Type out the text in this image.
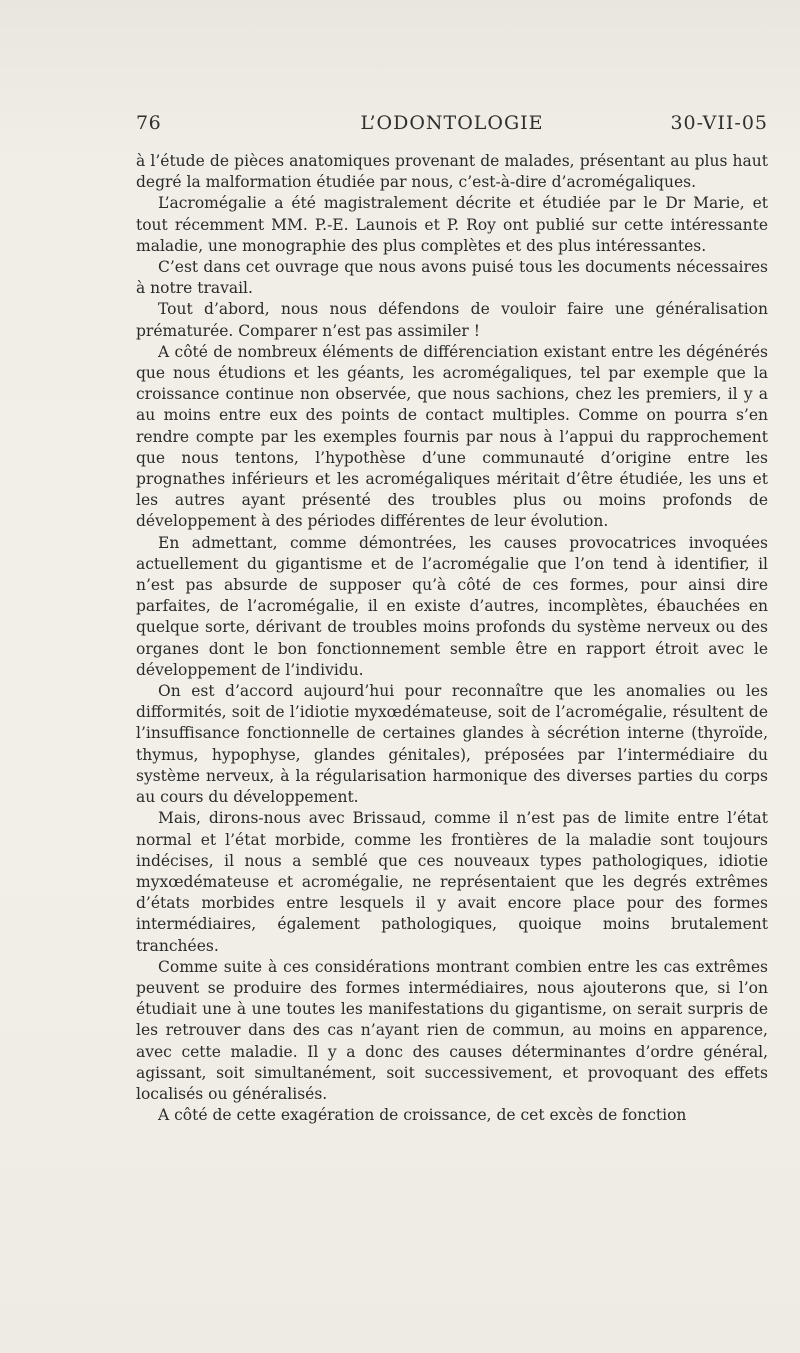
76	L’ODONTOLOGIE	30-VII-05

à l’étude de pièces anatomiques provenant de malades, présentant au plus haut degré la malformation étudiée par nous, c’est-à-dire d’acromégaliques.

L’acromégalie a été magistralement décrite et étudiée par le Dr Marie, et tout récemment MM. P.-E. Launois et P. Roy ont publié sur cette intéressante maladie, une monographie des plus complètes et des plus intéressantes.

C’est dans cet ouvrage que nous avons puisé tous les documents nécessaires à notre travail.

Tout d’abord, nous nous défendons de vouloir faire une généralisation prématurée. Comparer n’est pas assimiler !

A côté de nombreux éléments de différenciation existant entre les dégénérés que nous étudions et les géants, les acromégaliques, tel par exemple que la croissance continue non observée, que nous sachions, chez les premiers, il y a au moins entre eux des points de contact multiples. Comme on pourra s’en rendre compte par les exemples fournis par nous à l’appui du rapprochement que nous tentons, l’hypothèse d’une communauté d’origine entre les prognathes inférieurs et les acromégaliques méritait d’être étudiée, les uns et les autres ayant présenté des troubles plus ou moins profonds de développement à des périodes différentes de leur évolution.

En admettant, comme démontrées, les causes provocatrices invoquées actuellement du gigantisme et de l’acromégalie que l’on tend à identifier, il n’est pas absurde de supposer qu’à côté de ces formes, pour ainsi dire parfaites, de l’acromégalie, il en existe d’autres, incomplètes, ébauchées en quelque sorte, dérivant de troubles moins profonds du système nerveux ou des organes dont le bon fonctionnement semble être en rapport étroit avec le développement de l’individu.

On est d’accord aujourd’hui pour reconnaître que les anomalies ou les difformités, soit de l’idiotie myxœdémateuse, soit de l’acromégalie, résultent de l’insuffisance fonctionnelle de certaines glandes à sécrétion interne (thyroïde, thymus, hypophyse, glandes génitales), préposées par l’intermédiaire du système nerveux, à la régularisation harmonique des diverses parties du corps au cours du développement.

Mais, dirons-nous avec Brissaud, comme il n’est pas de limite entre l’état normal et l’état morbide, comme les frontières de la maladie sont toujours indécises, il nous a semblé que ces nouveaux types pathologiques, idiotie myxœdémateuse et acromégalie, ne représentaient que les degrés extrêmes d’états morbides entre lesquels il y avait encore place pour des formes intermédiaires, également pathologiques, quoique moins brutalement tranchées.

Comme suite à ces considérations montrant combien entre les cas extrêmes peuvent se produire des formes intermédiaires, nous ajouterons que, si l’on étudiait une à une toutes les manifestations du gigantisme, on serait surpris de les retrouver dans des cas n’ayant rien de commun, au moins en apparence, avec cette maladie. Il y a donc des causes déterminantes d’ordre général, agissant, soit simultanément, soit successivement, et provoquant des effets localisés ou généralisés.

A côté de cette exagération de croissance, de cet excès de fonction
